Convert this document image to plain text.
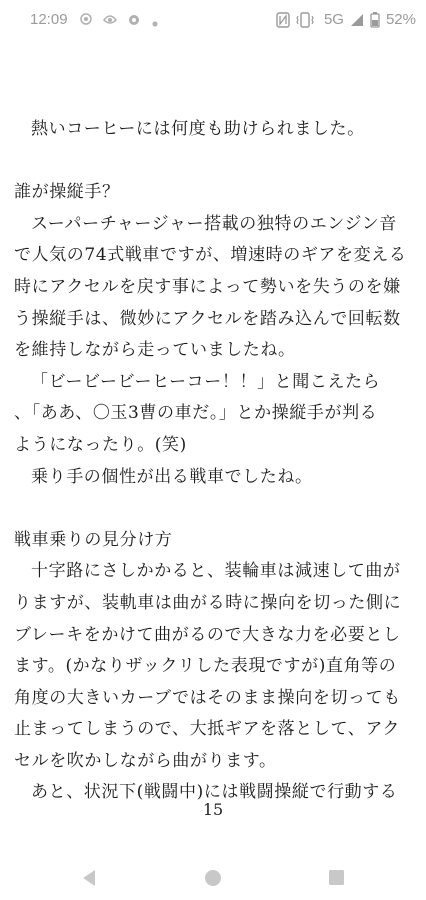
12:09	5G	52%
熱いコーヒーには何度も助けられました。
誰が操縦手？
スーパーチャージャー搭載の独特のエンジン音
で人気の74式戦車ですが、増速時のギアを変える
時にアクセルを戻す事によって勢いを失うのを嫌
う操縦手は、微妙にアクセルを踏み込んで回転数
を維持しながら走っていましたね。
「ビービービーヒーコー！！」と聞こえたら
、「ああ、〇玉3曹の車だ。」とか操縦手が判る
ようになったり。(笑)
乗り手の個性が出る戦車でしたね。
戦車乗りの見分け方
十字路にさしかかると、装輪車は減速して曲が
りますが、装軌車は曲がる時に操向を切った側に
ブレーキをかけて曲がるので大きな力を必要とし
ます。(かなりザックリした表現ですが)直角等の
角度の大きいカーブではそのまま操向を切っても
止まってしまうので、大抵ギアを落として、アク
セルを吹かしながら曲がります。
あと、状況下(戦闘中)には戦闘操縦で行動する
15
